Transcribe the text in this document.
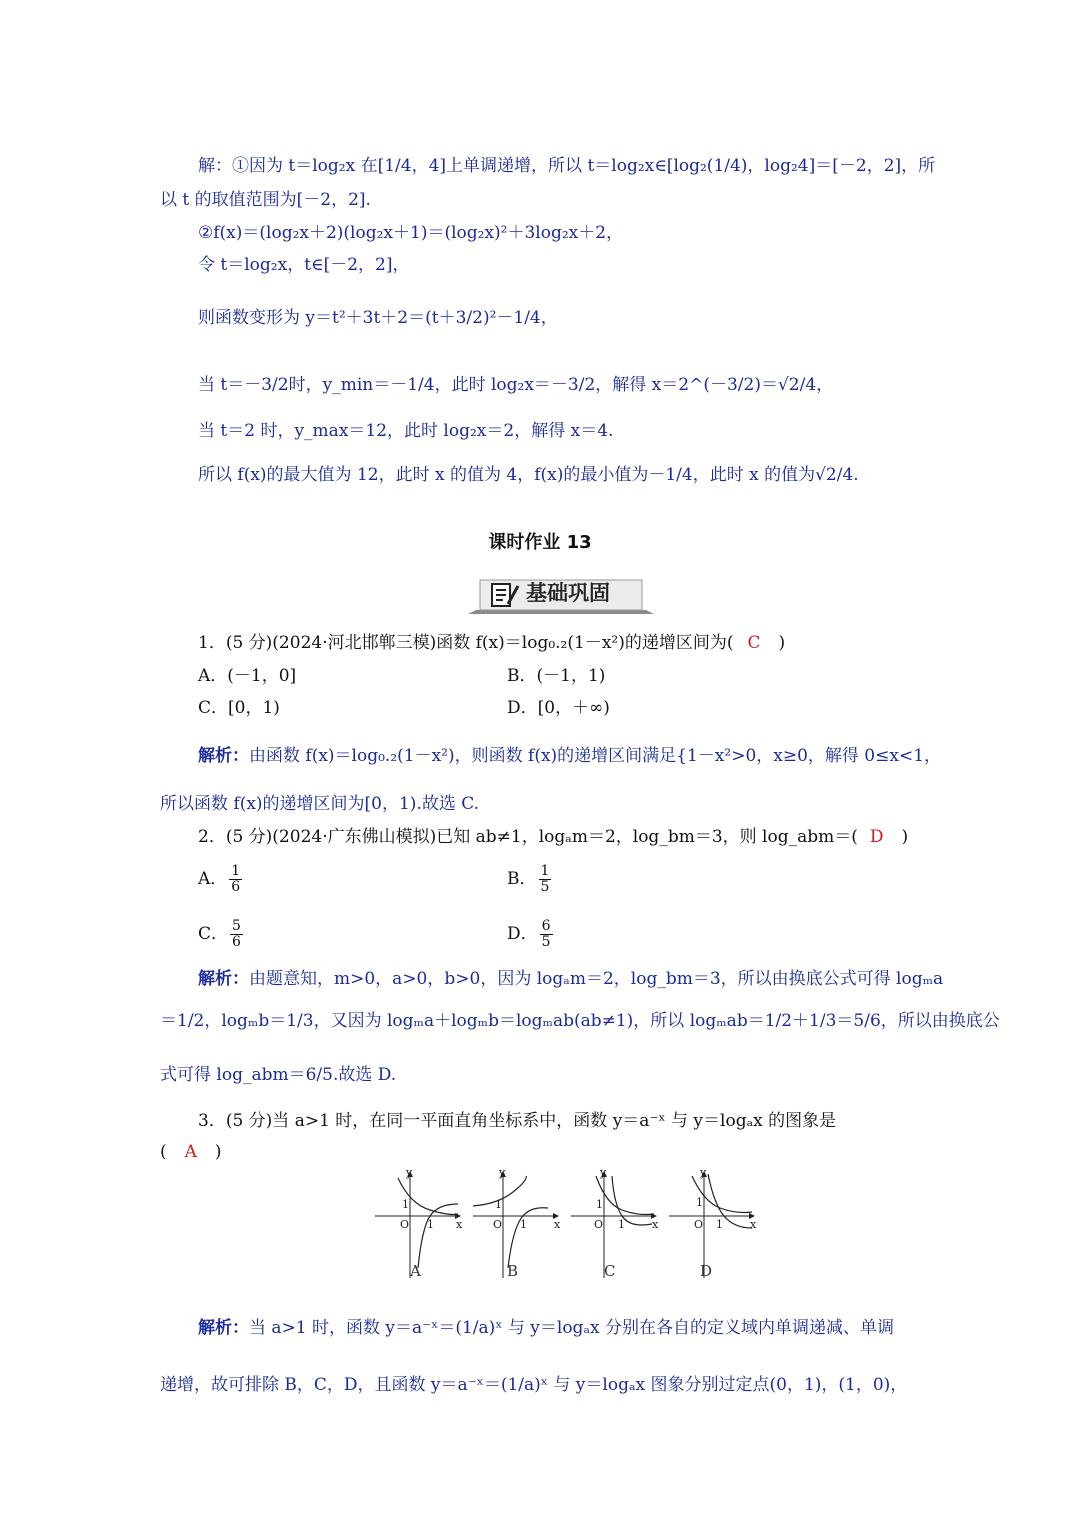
解：①因为 t＝log₂x 在[1/4，4]上单调递增，所以 t＝log₂x∈[log₂(1/4)，log₂4]＝[－2，2]，所
以 t 的取值范围为[－2，2].
②f(x)＝(log₂x＋2)(log₂x＋1)＝(log₂x)²＋3log₂x＋2，
令 t＝log₂x，t∈[－2，2]，
则函数变形为 y＝t²＋3t＋2＝(t＋3/2)²－1/4，
当 t＝－3/2时，y_min＝－1/4，此时 log₂x＝－3/2，解得 x＝2^(－3/2)＝√2/4，
当 t＝2 时，y_max＝12，此时 log₂x＝2，解得 x＝4.
所以 f(x)的最大值为 12，此时 x 的值为 4，f(x)的最小值为－1/4，此时 x 的值为√2/4.
课时作业 13
基础巩固
1．(5 分)(2024·河北邯郸三模)函数 f(x)＝log₀.₂(1－x²)的递增区间为( C )
A．(－1，0]	B．(－1，1)
C．[0，1)	D．[0，＋∞)
解析：由函数 f(x)＝log₀.₂(1－x²)，则函数 f(x)的递增区间满足{1－x²>0，x≥0，解得 0≤x<1，
所以函数 f(x)的递增区间为[0，1).故选 C.
2．(5 分)(2024·广东佛山模拟)已知 ab≠1，logₐm＝2，log_bm＝3，则 log_abm＝( D )
A． $\frac{1}{6}$	B． $\frac{1}{5}$
C． $\frac{5}{6}$	D． $\frac{6}{5}$
解析：由题意知，m>0，a>0，b>0，因为 logₐm＝2，log_bm＝3，所以由换底公式可得 logₘa
＝1/2，logₘb＝1/3，又因为 logₘa＋logₘb＝logₘab(ab≠1)，所以 logₘab＝1/2＋1/3＝5/6，所以由换底公
式可得 log_abm＝6/5.故选 D.
3．(5 分)当 a>1 时，在同一平面直角坐标系中，函数 y＝a⁻ˣ 与 y＝logₐx 的图象是
( A )
y
x
O
1
1
y
x
O
1
1
y
x
O
1
1
y
x
O
1
1
A	B	C	D
解析：当 a>1 时，函数 y＝a⁻ˣ＝(1/a)ˣ 与 y＝logₐx 分别在各自的定义域内单调递减、单调
递增，故可排除 B，C，D，且函数 y＝a⁻ˣ＝(1/a)ˣ 与 y＝logₐx 图象分别过定点(0，1)，(1，0)，
